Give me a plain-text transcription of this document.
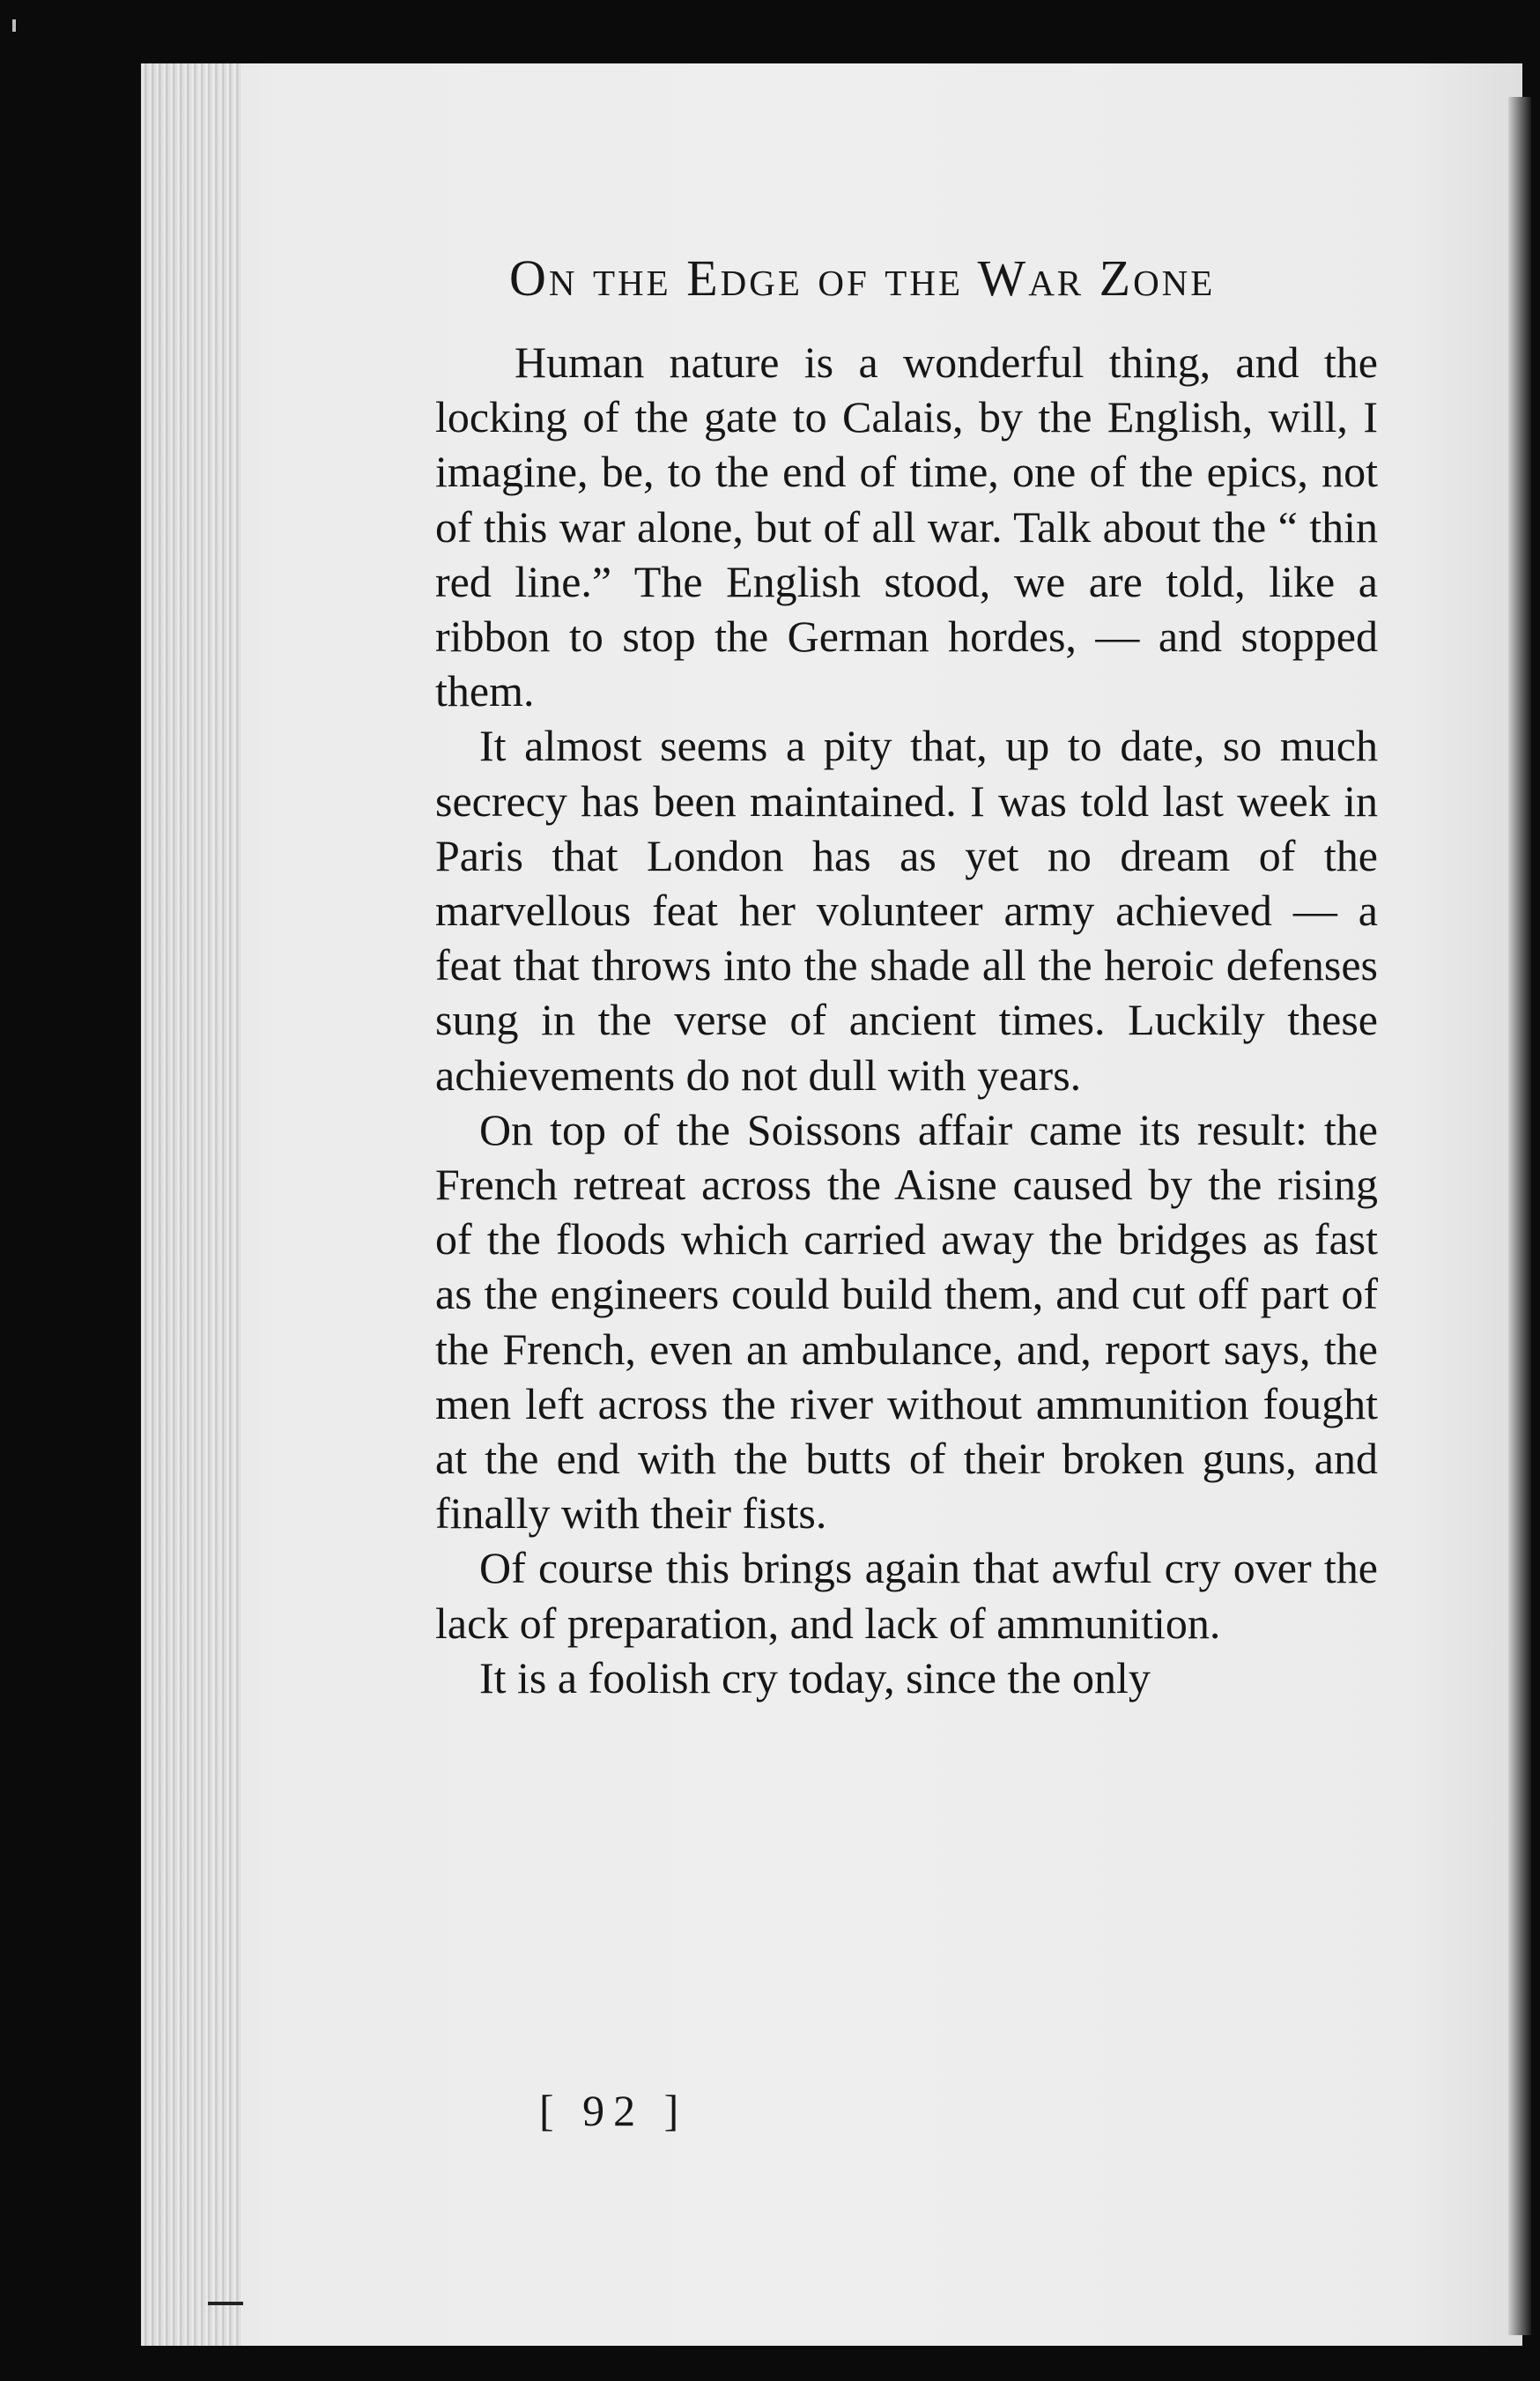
On the Edge of the War Zone

Human nature is a wonderful thing, and the locking of the gate to Calais, by the English, will, I imagine, be, to the end of time, one of the epics, not of this war alone, but of all war. Talk about the “ thin red line.” The English stood, we are told, like a ribbon to stop the German hordes, — and stopped them.

It almost seems a pity that, up to date, so much secrecy has been maintained. I was told last week in Paris that London has as yet no dream of the marvellous feat her volunteer army achieved — a feat that throws into the shade all the heroic defenses sung in the verse of ancient times. Luckily these achievements do not dull with years.

On top of the Soissons affair came its result: the French retreat across the Aisne caused by the rising of the floods which carried away the bridges as fast as the engineers could build them, and cut off part of the French, even an ambulance, and, report says, the men left across the river without ammunition fought at the end with the butts of their broken guns, and finally with their fists.

Of course this brings again that awful cry over the lack of preparation, and lack of ammunition.

It is a foolish cry today, since the only

[ 92 ]
